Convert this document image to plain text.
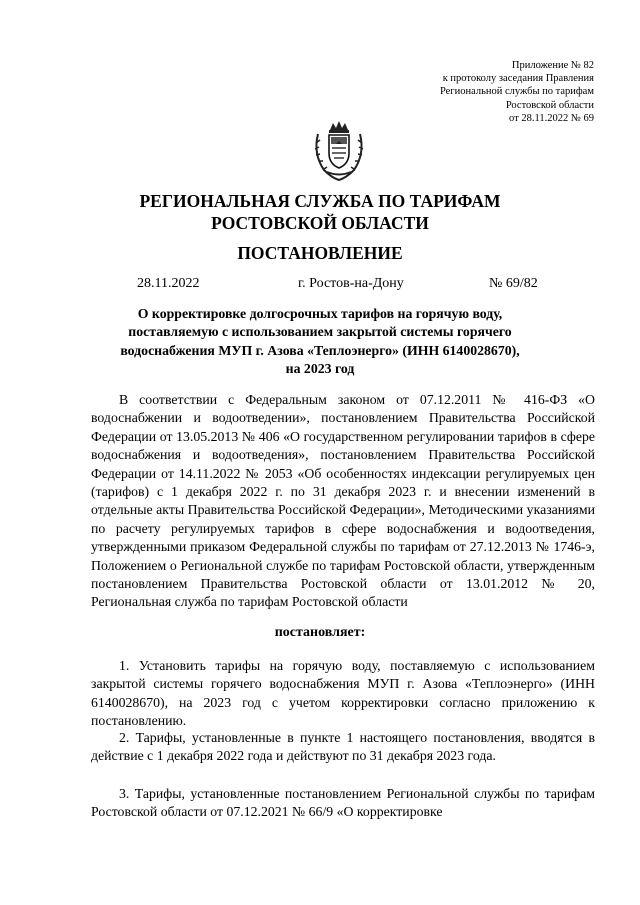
Приложение № 82
к протоколу заседания Правления
Региональной службы по тарифам
Ростовской области
от 28.11.2022 № 69
РЕГИОНАЛЬНАЯ СЛУЖБА ПО ТАРИФАМ
РОСТОВСКОЙ ОБЛАСТИ
ПОСТАНОВЛЕНИЕ
28.11.2022	г. Ростов-на-Дону	№ 69/82
О корректировке долгосрочных тарифов на горячую воду,
поставляемую с использованием закрытой системы горячего
водоснабжения МУП г. Азова «Теплоэнерго» (ИНН 6140028670),
на 2023 год

В соответствии с Федеральным законом от 07.12.2011 № 416-ФЗ «О водоснабжении и водоотведении», постановлением Правительства Российской Федерации от 13.05.2013 № 406 «О государственном регулировании тарифов в сфере водоснабжения и водоотведения», постановлением Правительства Российской Федерации от 14.11.2022 № 2053 «Об особенностях индексации регулируемых цен (тарифов) с 1 декабря 2022 г. по 31 декабря 2023 г. и внесении изменений в отдельные акты Правительства Российской Федерации», Методическими указаниями по расчету регулируемых тарифов в сфере водоснабжения и водоотведения, утвержденными приказом Федеральной службы по тарифам от 27.12.2013 № 1746-э, Положением о Региональной службе по тарифам Ростовской области, утвержденным постановлением Правительства Ростовской области от 13.01.2012 № 20, Региональная служба по тарифам Ростовской области

постановляет:

1. Установить тарифы на горячую воду, поставляемую с использованием закрытой системы горячего водоснабжения МУП г. Азова «Теплоэнерго» (ИНН 6140028670), на 2023 год с учетом корректировки согласно приложению к постановлению.

2. Тарифы, установленные в пункте 1 настоящего постановления, вводятся в действие с 1 декабря 2022 года и действуют по 31 декабря 2023 года.

3. Тарифы, установленные постановлением Региональной службы по тарифам Ростовской области от 07.12.2021 № 66/9 «О корректировке
